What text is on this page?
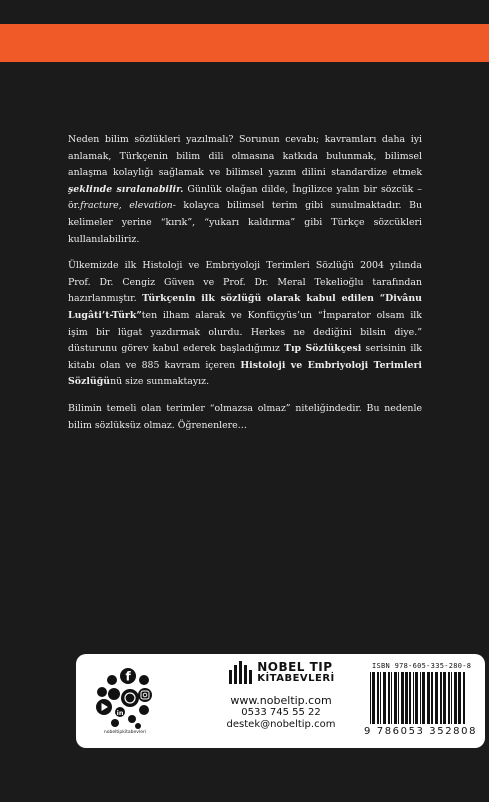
Neden bilim sözlükleri yazılmalı? Sorunun cevabı; kavramları daha iyi anlamak, Türkçenin bilim dili olmasına katkıda bulunmak, bilimsel anlaşma kolaylığı sağlamak ve bilimsel yazım dilini standardize etmek şeklinde sıralanabilir. Günlük olağan dilde, İngilizce yalın bir sözcük –ör.fracture, elevation- kolayca bilimsel terim gibi sunulmaktadır. Bu kelimeler yerine “kırık”, “yukarı kaldırma” gibi Türkçe sözcükleri kullanılabiliriz.

Ülkemizde ilk Histoloji ve Embriyoloji Terimleri Sözlüğü 2004 yılında Prof. Dr. Cengiz Güven ve Prof. Dr. Meral Tekelioğlu tarafından hazırlanmıştır. Türkçenin ilk sözlüğü olarak kabul edilen “Divânu Lugâti’t-Türk”ten ilham alarak ve Konfüçyüs’un “İmparator olsam ilk işim bir lügat yazdırmak olurdu. Herkes ne dediğini bilsin diye.” düsturunu görev kabul ederek başladığımız Tıp Sözlükçesi serisinin ilk kitabı olan ve 885 kavram içeren Histoloji ve Embriyoloji Terimleri Sözlüğünü size sunmaktayız.

Bilimin temeli olan terimler “olmazsa olmaz” niteliğindedir. Bu nedenle bilim sözlüksüz olmaz. Öğrenenlere…

f
in
nobeltipkitabevleri
NOBEL TIP
KİTABEVLERİ
www.nobeltip.com
0533 745 55 22
destek@nobeltip.com
ISBN 978-605-335-280-8
9 786053 352808
